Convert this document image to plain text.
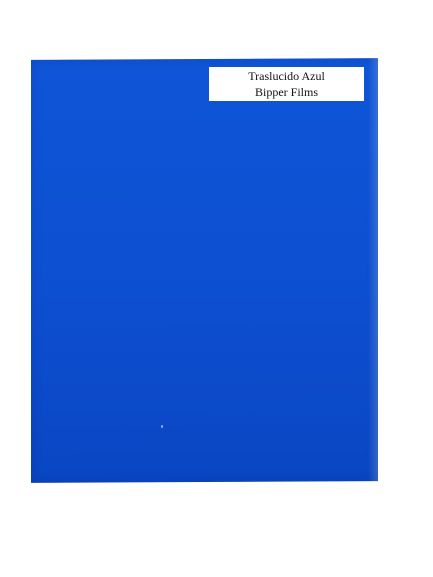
Traslucido Azul
Bipper Films
